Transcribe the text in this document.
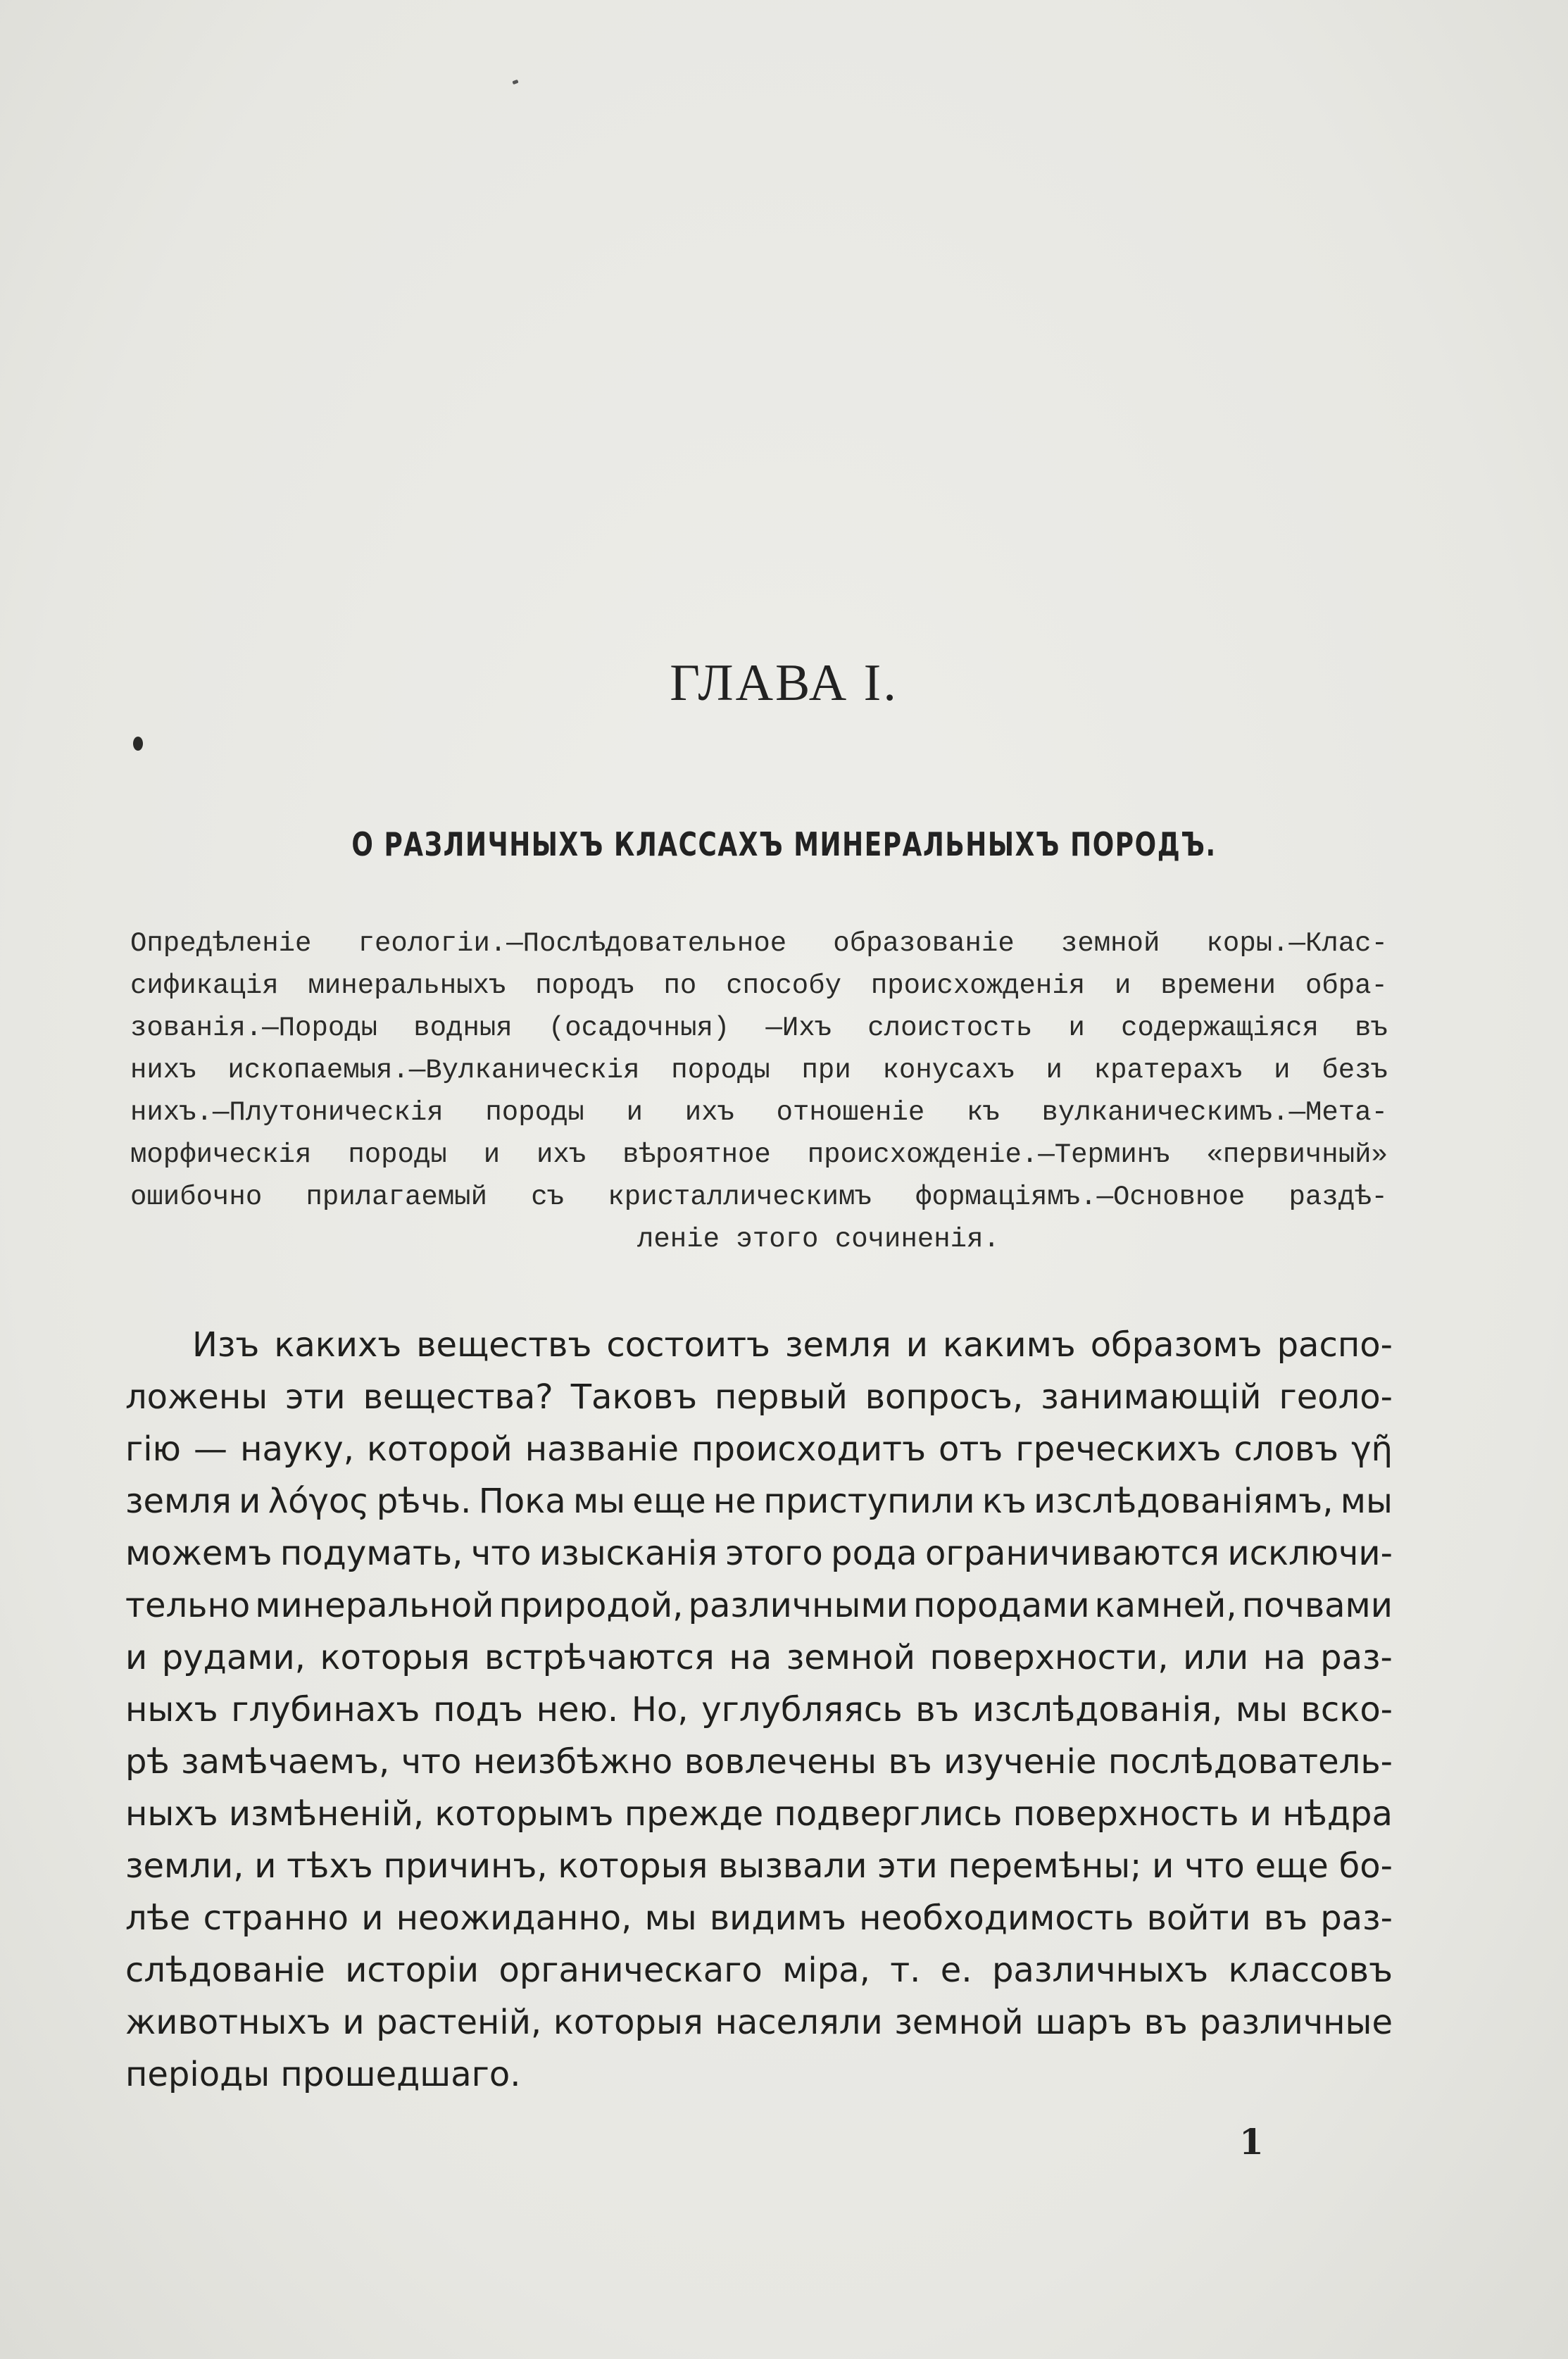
ГЛАВА I.
О РАЗЛИЧНЫХЪ КЛАССАХЪ МИНЕРАЛЬНЫХЪ ПОРОДЪ.
Опредѣленіе геологіи.—Послѣдовательное образованіе земной коры.—Клас-
сификація минеральныхъ породъ по способу происхожденія и времени обра-
зованія.—Породы водныя (осадочныя) —Ихъ слоистость и содержащіяся въ
нихъ ископаемыя.—Вулканическія породы при конусахъ и кратерахъ и безъ
нихъ.—Плутоническія породы и ихъ отношеніе къ вулканическимъ.—Мета-
морфическія породы и ихъ вѣроятное происхожденіе.—Терминъ «первичный»
ошибочно прилагаемый съ кристаллическимъ формаціямъ.—Основное раздѣ-
леніе этого сочиненія.
Изъ какихъ веществъ состоитъ земля и какимъ образомъ распо-
ложены эти вещества? Таковъ первый вопросъ, занимающій геоло-
гію — науку, которой названіе происходитъ отъ греческихъ словъ γῆ
земля и λόγος рѣчь. Пока мы еще не приступили къ изслѣдованіямъ, мы
можемъ подумать, что изысканія этого рода ограничиваются исключи-
тельно минеральной природой, различными породами камней, почвами
и рудами, которыя встрѣчаются на земной поверхности, или на раз-
ныхъ глубинахъ подъ нею. Но, углубляясь въ изслѣдованія, мы вско-
рѣ замѣчаемъ, что неизбѣжно вовлечены въ изученіе послѣдователь-
ныхъ измѣненій, которымъ прежде подверглись поверхность и нѣдра
земли, и тѣхъ причинъ, которыя вызвали эти перемѣны; и что еще бо-
лѣе странно и неожиданно, мы видимъ необходимость войти въ раз-
слѣдованіе исторіи органическаго міра, т. е. различныхъ классовъ
животныхъ и растеній, которыя населяли земной шаръ въ различные
періоды прошедшаго.
1
